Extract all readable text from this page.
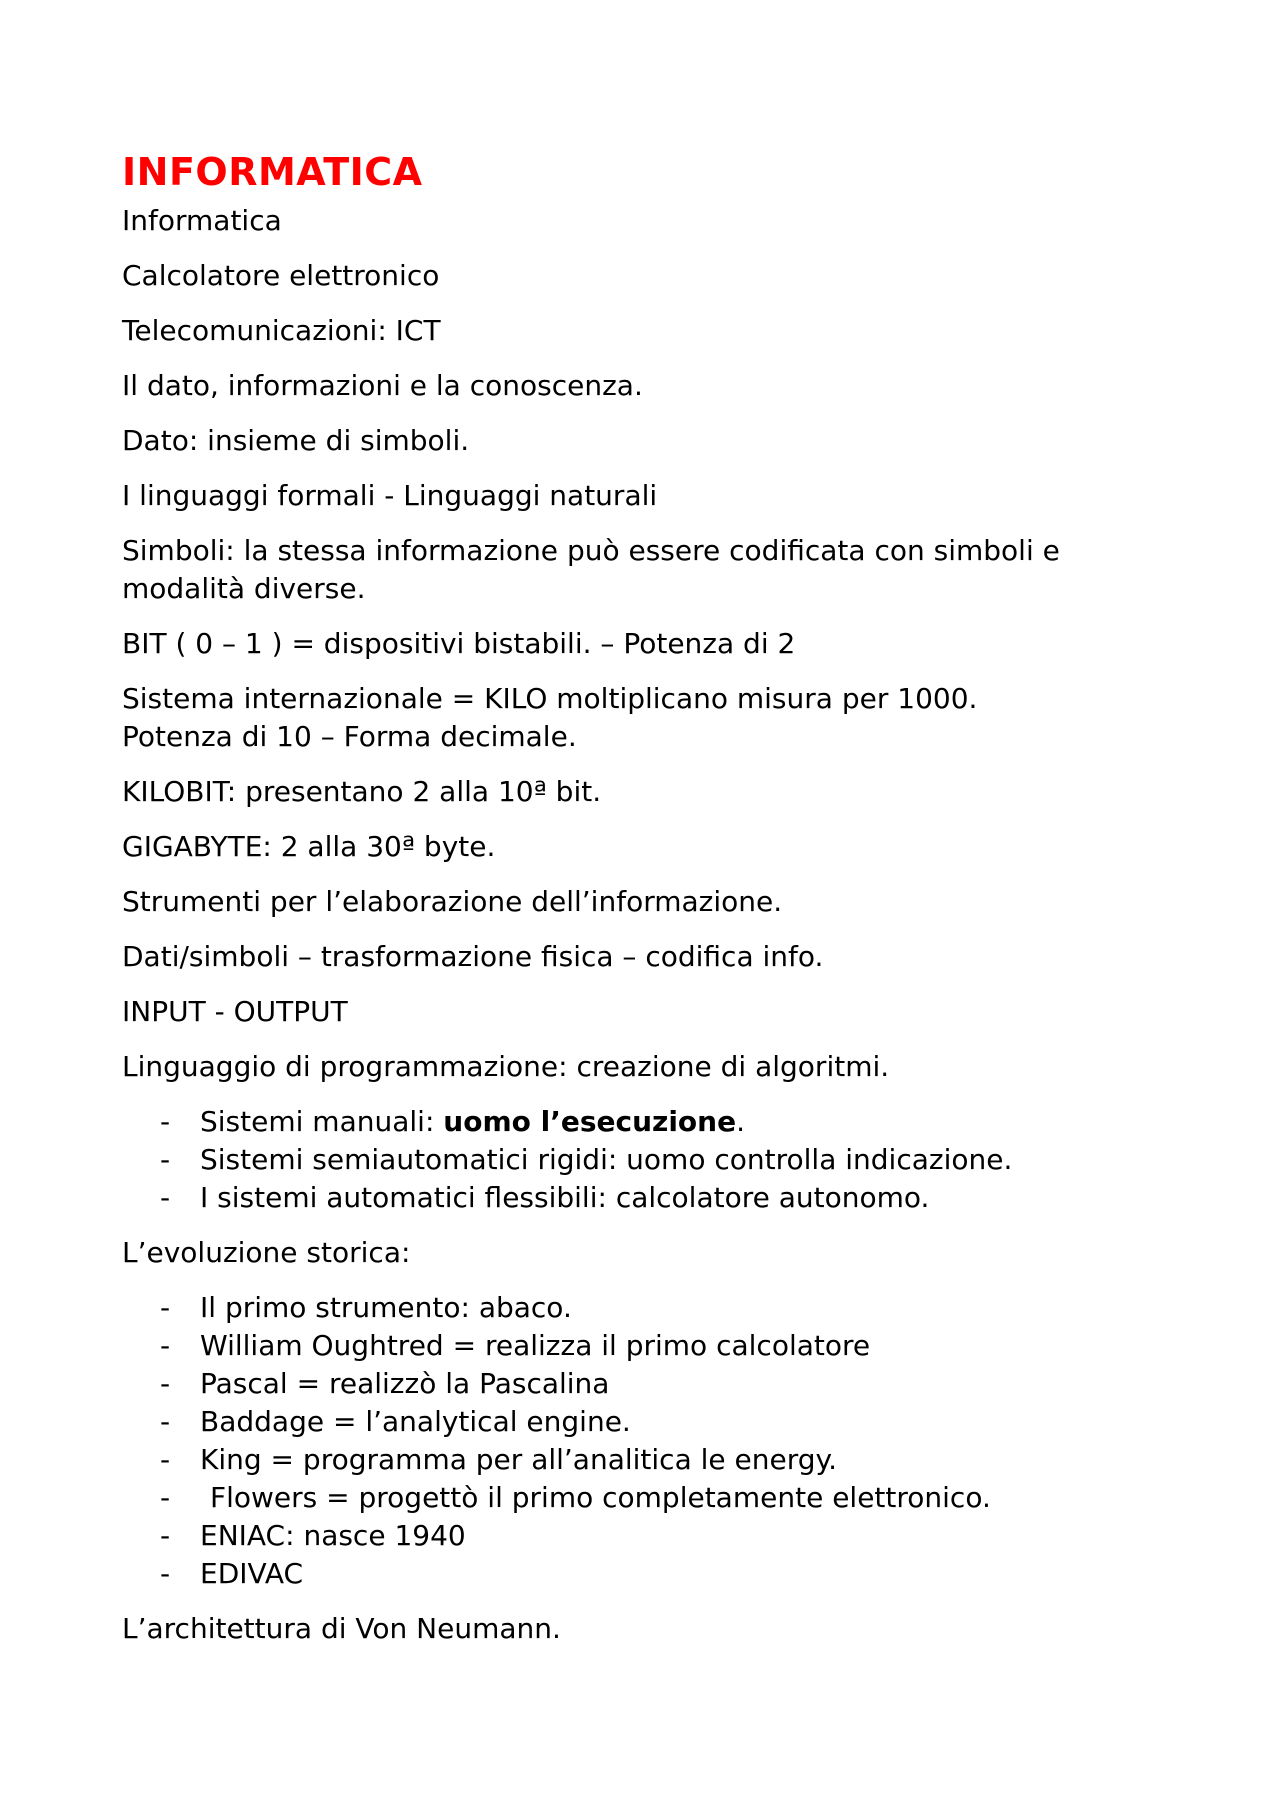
INFORMATICA
Informatica
Calcolatore elettronico
Telecomunicazioni: ICT
Il dato, informazioni e la conoscenza.
Dato: insieme di simboli.
I linguaggi formali - Linguaggi naturali
Simboli: la stessa informazione può essere codificata con simboli e
modalità diverse.
BIT ( 0 – 1 ) = dispositivi bistabili. – Potenza di 2
Sistema internazionale = KILO moltiplicano misura per 1000.
Potenza di 10 – Forma decimale.
KILOBIT: presentano 2 alla 10ª bit.
GIGABYTE: 2 alla 30ª byte.
Strumenti per l’elaborazione dell’informazione.
Dati/simboli – trasformazione fisica – codifica info.
INPUT - OUTPUT
Linguaggio di programmazione: creazione di algoritmi.
- Sistemi manuali: uomo l’esecuzione.
- Sistemi semiautomatici rigidi: uomo controlla indicazione.
- I sistemi automatici flessibili: calcolatore autonomo.
L’evoluzione storica:
- Il primo strumento: abaco.
- William Oughtred = realizza il primo calcolatore
- Pascal = realizzò la Pascalina
- Baddage = l’analytical engine.
- King = programma per all’analitica le energy.
- Flowers = progettò il primo completamente elettronico.
- ENIAC: nasce 1940
- EDIVAC
L’architettura di Von Neumann.
